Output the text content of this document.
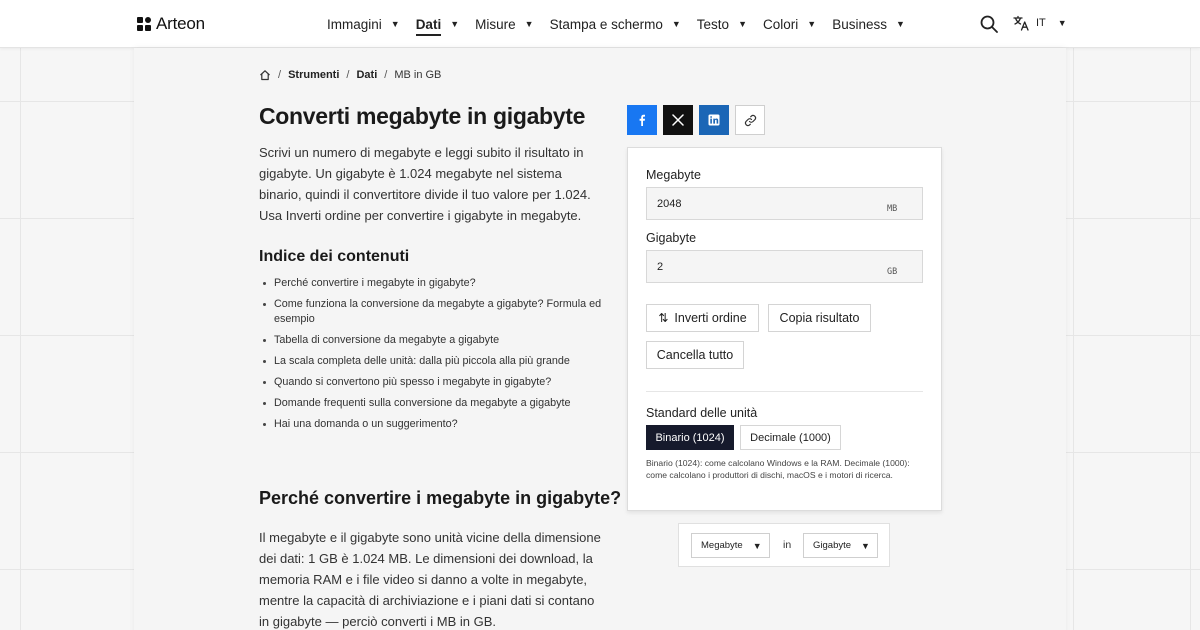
Arteon	Immagini ▼ Dati ▼ Misure ▼ Stampa e schermo ▼ Testo ▼ Colori ▼ Business ▼	IT ▼
/ Strumenti / Dati / MB in GB
Converti megabyte in gigabyte

Scrivi un numero di megabyte e leggi subito il risultato in gigabyte. Un gigabyte è 1.024 megabyte nel sistema binario, quindi il convertitore divide il tuo valore per 1.024. Usa Inverti ordine per convertire i gigabyte in megabyte.

Indice dei contenuti
Perché convertire i megabyte in gigabyte?
Come funziona la conversione da megabyte a gigabyte? Formula ed esempio
Tabella di conversione da megabyte a gigabyte
La scala completa delle unità: dalla più piccola alla più grande
Quando si convertono più spesso i megabyte in gigabyte?
Domande frequenti sulla conversione da megabyte a gigabyte
Hai una domanda o un suggerimento?
Perché convertire i megabyte in gigabyte?

Il megabyte e il gigabyte sono unità vicine della dimensione dei dati: 1 GB è 1.024 MB. Le dimensioni dei download, la memoria RAM e i file video si danno a volte in megabyte, mentre la capacità di archiviazione e i piani dati si contano in gigabyte — perciò converti i MB in GB.

Megabyte
2048
MB
Gigabyte
2
GB
⇅ Inverti ordine	Copia risultato
Cancella tutto
Standard delle unità
Binario (1024)	Decimale (1000)

Binario (1024): come calcolano Windows e la RAM. Decimale (1000): come calcolano i produttori di dischi, macOS e i motori di ricerca.

Megabyte ▼ in Gigabyte ▼
